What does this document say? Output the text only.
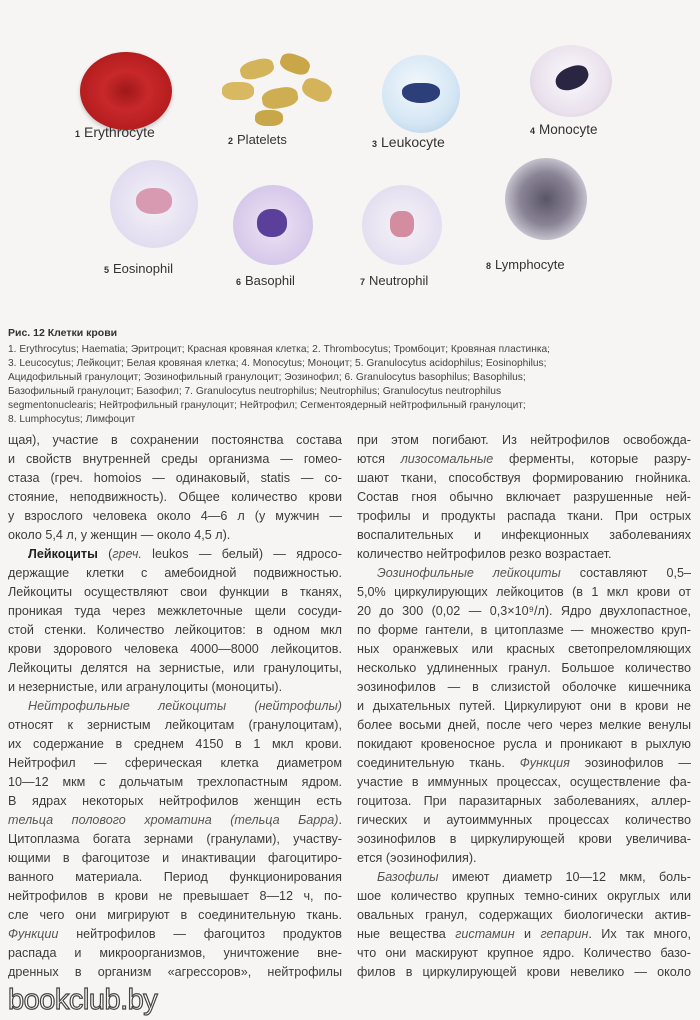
1 Erythrocyte
2 Platelets	3 Leukocyte
4 Monocyte
5 Eosinophil
6 Basophil	7 Neutrophil
8 Lymphocyte
Рис. 12 Клетки крови
1. Erythrocytus; Haematia; Эритроцит; Красная кровяная клетка; 2. Thrombocytus; Тромбоцит; Кровяная пластинка;
3. Leucocytus; Лейкоцит; Белая кровяная клетка; 4. Monocytus; Моноцит; 5. Granulocytus acidophilus; Eosinophilus;
Ацидофильный гранулоцит; Эозинофильный гранулоцит; Эозинофил; 6. Granulocytus basophilus; Basophilus;
Базофильный гранулоцит; Базофил; 7. Granulocytus neutrophilus; Neutrophilus; Granulocytus neutrophilus
segmentonuclearis; Нейтрофильный гранулоцит; Нейтрофил; Сегментоядерный нейтрофильный гранулоцит;
8. Lumphocytus; Лимфоцит
щая), участие в сохранении постоянства состава
и свойств внутренней среды организма — гомео-
стаза (греч. homoios — одинаковый, statis — со-
стояние, неподвижность). Общее количество крови
у взрослого человека около 4—6 л (у мужчин —
около 5,4 л, у женщин — около 4,5 л).
Лейкоциты (греч. leukos — белый) — ядросо-
держащие клетки с амебоидной подвижностью.
Лейкоциты осуществляют свои функции в тканях,
проникая туда через межклеточные щели сосуди-
стой стенки. Количество лейкоцитов: в одном мкл
крови здорового человека 4000—8000 лейкоцитов.
Лейкоциты делятся на зернистые, или гранулоциты,
и незернистые, или агранулоциты (моноциты).
Нейтрофильные лейкоциты (нейтрофилы)
относят к зернистым лейкоцитам (гранулоцитам),
их содержание в среднем 4150 в 1 мкл крови.
Нейтрофил — сферическая клетка диаметром
10—12 мкм с дольчатым трехлопастным ядром.
В ядрах некоторых нейтрофилов женщин есть
тельца полового хроматина (тельца Барра).
Цитоплазма богата зернами (гранулами), участву-
ющими в фагоцитозе и инактивации фагоцитиро-
ванного материала. Период функционирования
нейтрофилов в крови не превышает 8—12 ч, по-
сле чего они мигрируют в соединительную ткань.
Функции нейтрофилов — фагоцитоз продуктов
распада и микроорганизмов, уничтожение вне-
дренных в организм «агрессоров», нейтрофилы
при этом погибают. Из нейтрофилов освобожда-
ются лизосомальные ферменты, которые разру-
шают ткани, способствуя формированию гнойника.
Состав гноя обычно включает разрушенные ней-
трофилы и продукты распада ткани. При острых
воспалительных и инфекционных заболеваниях
количество нейтрофилов резко возрастает.
Эозинофильные лейкоциты составляют 0,5–
5,0% циркулирующих лейкоцитов (в 1 мкл крови от
20 до 300 (0,02 — 0,3×10⁹/л). Ядро двухлопастное,
по форме гантели, в цитоплазме — множество круп-
ных оранжевых или красных светопреломляющих
несколько удлиненных гранул. Большое количество
эозинофилов — в слизистой оболочке кишечника
и дыхательных путей. Циркулируют они в крови не
более восьми дней, после чего через мелкие венулы
покидают кровеносное русла и проникают в рыхлую
соединительную ткань. Функция эозинофилов —
участие в иммунных процессах, осуществление фа-
гоцитоза. При паразитарных заболеваниях, аллер-
гических и аутоиммунных процессах количество
эозинофилов в циркулирующей крови увеличива-
ется (эозинофилия).
Базофилы имеют диаметр 10—12 мкм, боль-
шое количество крупных темно-синих округлых или
овальных гранул, содержащих биологически актив-
ные вещества гистамин и гепарин. Их так много,
что они маскируют крупное ядро. Количество базо-
филов в циркулирующей крови невелико — около
bookclub.by
